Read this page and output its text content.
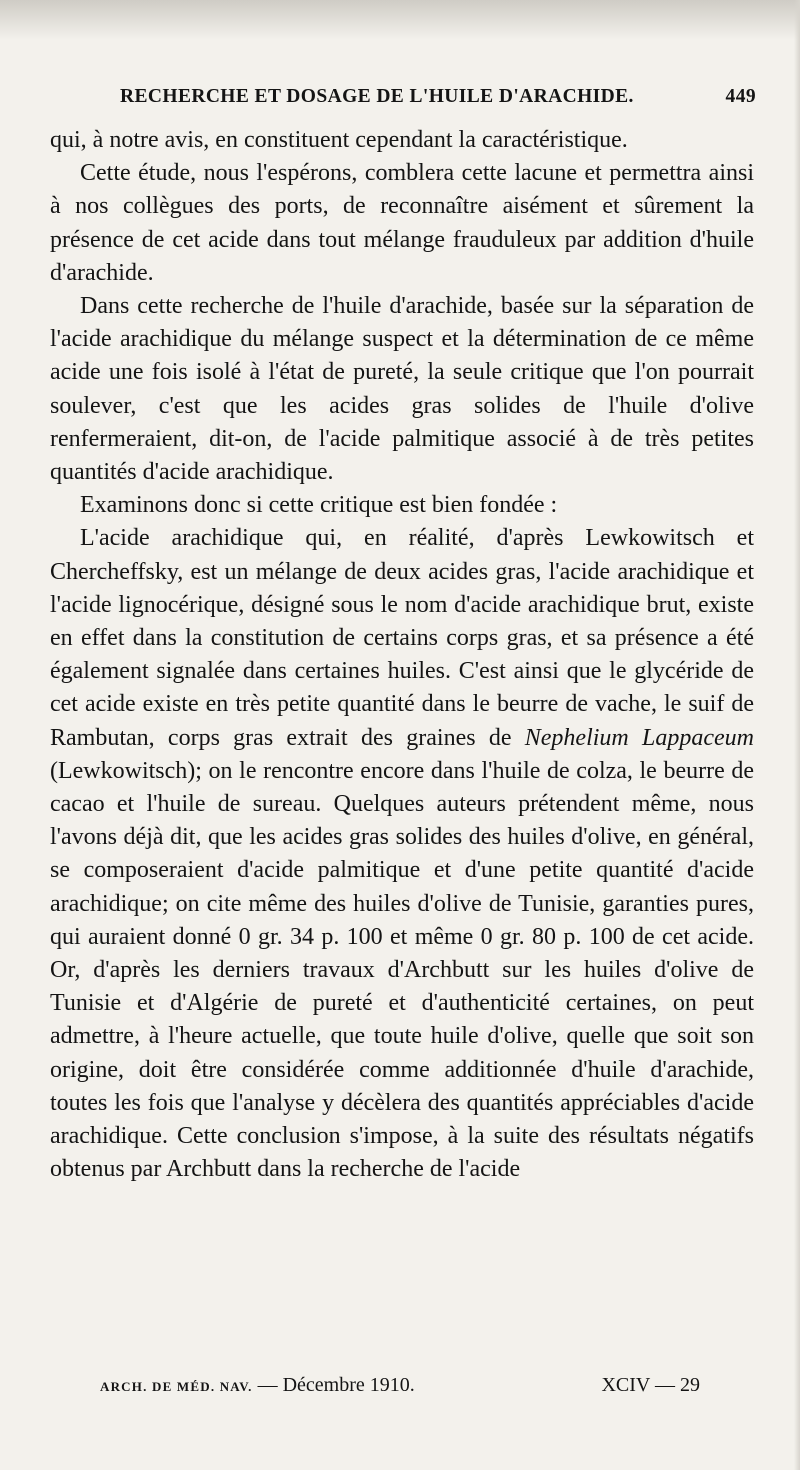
RECHERCHE ET DOSAGE DE L'HUILE D'ARACHIDE.	449

qui, à notre avis, en constituent cependant la caractéristique.

Cette étude, nous l'espérons, comblera cette lacune et permettra ainsi à nos collègues des ports, de reconnaître aisément et sûrement la présence de cet acide dans tout mélange frauduleux par addition d'huile d'arachide.

Dans cette recherche de l'huile d'arachide, basée sur la séparation de l'acide arachidique du mélange suspect et la détermination de ce même acide une fois isolé à l'état de pureté, la seule critique que l'on pourrait soulever, c'est que les acides gras solides de l'huile d'olive renfermeraient, dit-on, de l'acide palmitique associé à de très petites quantités d'acide arachidique.

Examinons donc si cette critique est bien fondée :

L'acide arachidique qui, en réalité, d'après Lewkowitsch et Chercheffsky, est un mélange de deux acides gras, l'acide arachidique et l'acide lignocérique, désigné sous le nom d'acide arachidique brut, existe en effet dans la constitution de certains corps gras, et sa présence a été également signalée dans certaines huiles. C'est ainsi que le glycéride de cet acide existe en très petite quantité dans le beurre de vache, le suif de Rambutan, corps gras extrait des graines de Nephelium Lappaceum (Lewkowitsch); on le rencontre encore dans l'huile de colza, le beurre de cacao et l'huile de sureau. Quelques auteurs prétendent même, nous l'avons déjà dit, que les acides gras solides des huiles d'olive, en général, se composeraient d'acide palmitique et d'une petite quantité d'acide arachidique; on cite même des huiles d'olive de Tunisie, garanties pures, qui auraient donné 0 gr. 34 p. 100 et même 0 gr. 80 p. 100 de cet acide. Or, d'après les derniers travaux d'Archbutt sur les huiles d'olive de Tunisie et d'Algérie de pureté et d'authenticité certaines, on peut admettre, à l'heure actuelle, que toute huile d'olive, quelle que soit son origine, doit être considérée comme additionnée d'huile d'arachide, toutes les fois que l'analyse y décèlera des quantités appréciables d'acide arachidique. Cette conclusion s'impose, à la suite des résultats négatifs obtenus par Archbutt dans la recherche de l'acide

ARCH. DE MÉD. NAV. — Décembre 1910.	XCIV — 29
